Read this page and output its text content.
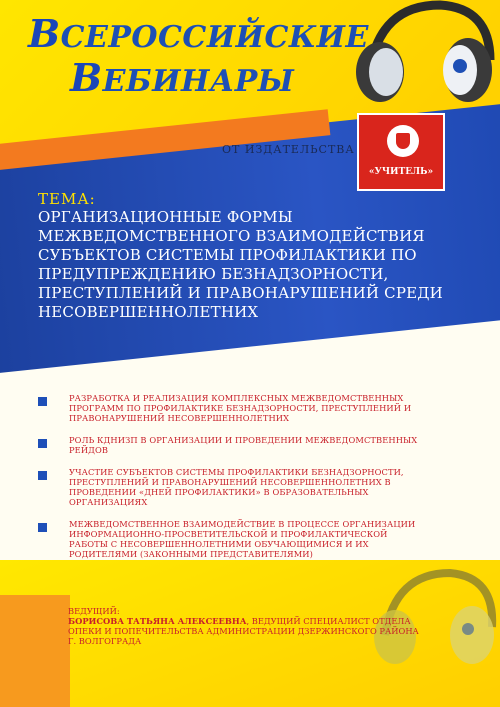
ВСЕРОССИЙСКИЕ
ВЕБИНАРЫ
ОТ ИЗДАТЕЛЬСТВА
«УЧИТЕЛЬ»
ТЕМА:
ОРГАНИЗАЦИОННЫЕ ФОРМЫ МЕЖВЕДОМСТВЕННОГО ВЗАИМОДЕЙСТВИЯ СУБЪЕКТОВ СИСТЕМЫ ПРОФИЛАКТИКИ ПО ПРЕДУПРЕЖДЕНИЮ БЕЗНАДЗОРНОСТИ, ПРЕСТУПЛЕНИЙ И ПРАВОНАРУШЕНИЙ СРЕДИ НЕСОВЕРШЕННОЛЕТНИХ
РАЗРАБОТКА И РЕАЛИЗАЦИЯ КОМПЛЕКСНЫХ МЕЖВЕДОМСТВЕННЫХ ПРОГРАММ ПО ПРОФИЛАКТИКЕ БЕЗНАДЗОРНОСТИ, ПРЕСТУПЛЕНИЙ И ПРАВОНАРУШЕНИЙ НЕСОВЕРШЕННОЛЕТНИХ
РОЛЬ КДНИЗП В ОРГАНИЗАЦИИ И ПРОВЕДЕНИИ МЕЖВЕДОМСТВЕННЫХ РЕЙДОВ
УЧАСТИЕ СУБЪЕКТОВ СИСТЕМЫ ПРОФИЛАКТИКИ БЕЗНАДЗОРНОСТИ, ПРЕСТУПЛЕНИЙ И ПРАВОНАРУШЕНИЙ НЕСОВЕРШЕННОЛЕТНИХ В ПРОВЕДЕНИИ «ДНЕЙ ПРОФИЛАКТИКИ» В ОБРАЗОВАТЕЛЬНЫХ ОРГАНИЗАЦИЯХ
МЕЖВЕДОМСТВЕННОЕ ВЗАИМОДЕЙСТВИЕ В ПРОЦЕССЕ ОРГАНИЗАЦИИ ИНФОРМАЦИОННО-ПРОСВЕТИТЕЛЬСКОЙ И ПРОФИЛАКТИЧЕСКОЙ РАБОТЫ С НЕСОВЕРШЕННОЛЕТНИМИ ОБУЧАЮЩИМИСЯ И ИХ РОДИТЕЛЯМИ (ЗАКОННЫМИ ПРЕДСТАВИТЕЛЯМИ)
ВЕДУЩИЙ:
БОРИСОВА ТАТЬЯНА АЛЕКСЕЕВНА, ВЕДУЩИЙ СПЕЦИАЛИСТ ОТДЕЛА ОПЕКИ И ПОПЕЧИТЕЛЬСТВА АДМИНИСТРАЦИИ ДЗЕРЖИНСКОГО РАЙОНА Г. ВОЛГОГРАДА
